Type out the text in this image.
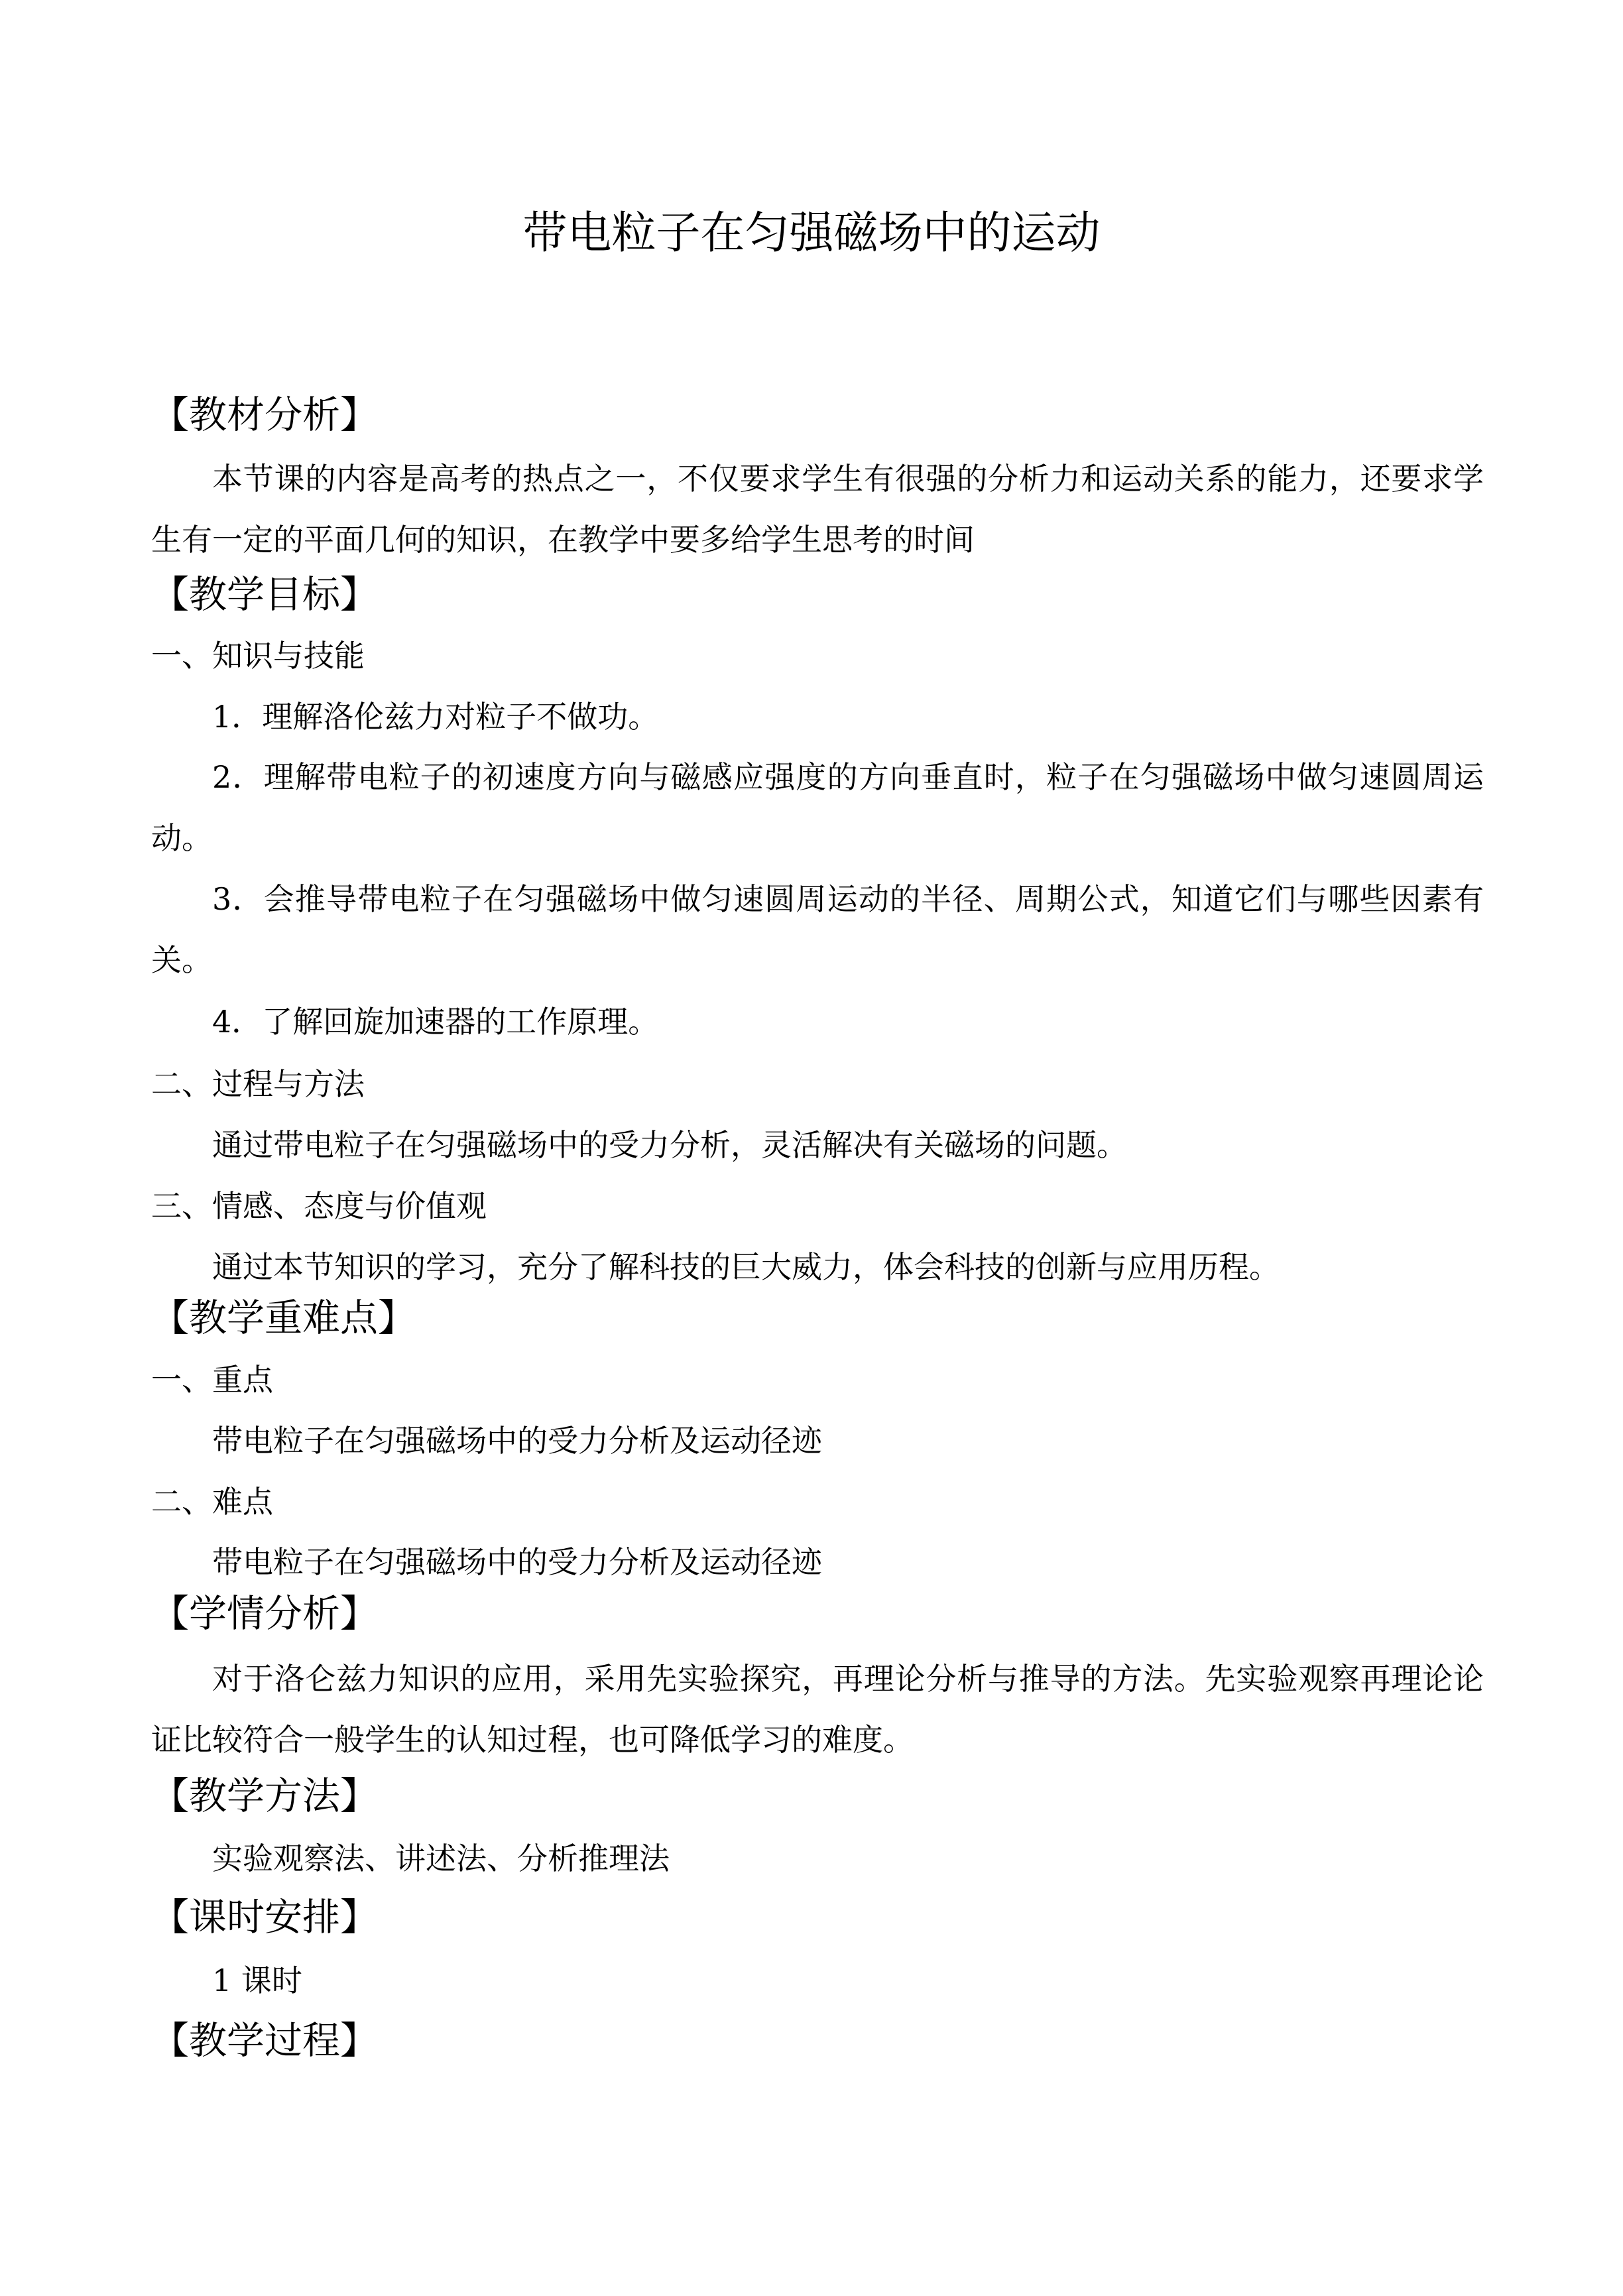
带电粒子在匀强磁场中的运动
【教材分析】
本节课的内容是高考的热点之一，不仅要求学生有很强的分析力和运动关系的能力，还要求学生有一定的平面几何的知识，在教学中要多给学生思考的时间
【教学目标】
一、知识与技能
1．理解洛伦兹力对粒子不做功。
2．理解带电粒子的初速度方向与磁感应强度的方向垂直时，粒子在匀强磁场中做匀速圆周运动。
3．会推导带电粒子在匀强磁场中做匀速圆周运动的半径、周期公式，知道它们与哪些因素有关。
4．了解回旋加速器的工作原理。
二、过程与方法
通过带电粒子在匀强磁场中的受力分析，灵活解决有关磁场的问题。
三、情感、态度与价值观
通过本节知识的学习，充分了解科技的巨大威力，体会科技的创新与应用历程。
【教学重难点】
一、重点
带电粒子在匀强磁场中的受力分析及运动径迹
二、难点
带电粒子在匀强磁场中的受力分析及运动径迹
【学情分析】
对于洛仑兹力知识的应用，采用先实验探究，再理论分析与推导的方法。先实验观察再理论论证比较符合一般学生的认知过程，也可降低学习的难度。
【教学方法】
实验观察法、讲述法、分析推理法
【课时安排】
1 课时
【教学过程】
